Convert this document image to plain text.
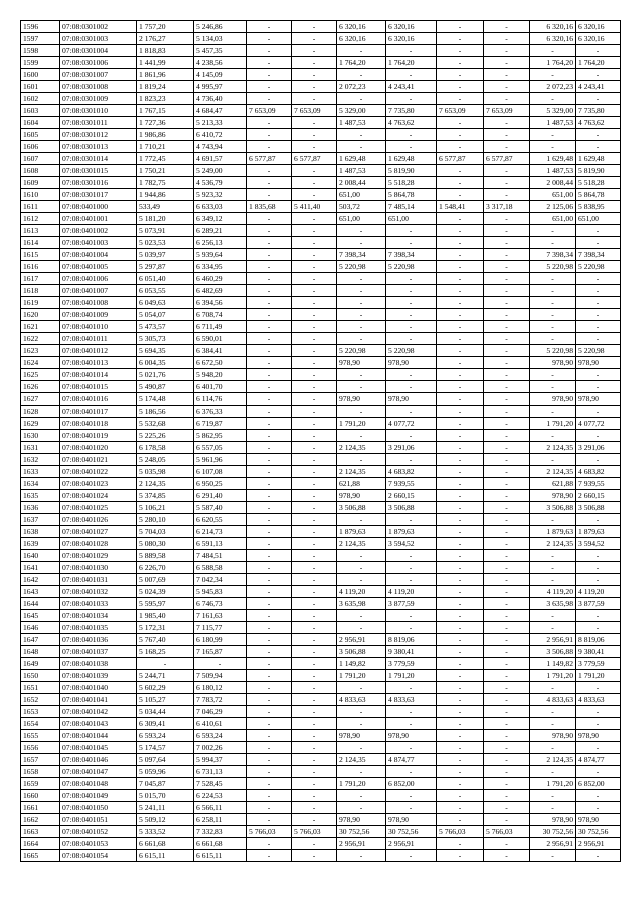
1596	07:08:0301002	1 757,20	5 246,86	-	-	6 320,16	6 320,16	-	-	6 320,16	6 320,16
1597	07:08:0301003	2 176,27	5 134,03	-	-	6 320,16	6 320,16	-	-	6 320,16	6 320,16
1598	07:08:0301004	1 818,83	5 457,35	-	-	-	-	-	-	-	-
1599	07:08:0301006	1 441,99	4 238,56	-	-	1 764,20	1 764,20	-	-	1 764,20	1 764,20
1600	07:08:0301007	1 861,96	4 145,09	-	-	-	-	-	-	-	-
1601	07:08:0301008	1 819,24	4 995,97	-	-	2 072,23	4 243,41	-	-	2 072,23	4 243,41
1602	07:08:0301009	1 823,23	4 736,40	-	-	-	-	-	-	-	-
1603	07:08:0301010	1 767,15	4 684,47	7 653,09	7 653,09	5 329,00	7 735,80	7 653,09	7 653,09	5 329,00	7 735,80
1604	07:08:0301011	1 727,36	5 213,33	-	-	1 487,53	4 763,62	-	-	1 487,53	4 763,62
1605	07:08:0301012	1 986,86	6 410,72	-	-	-	-	-	-	-	-
1606	07:08:0301013	1 710,21	4 743,94	-	-	-	-	-	-	-	-
1607	07:08:0301014	1 772,45	4 691,57	6 577,87	6 577,87	1 629,48	1 629,48	6 577,87	6 577,87	1 629,48	1 629,48
1608	07:08:0301015	1 750,21	5 249,00	-	-	1 487,53	5 819,90	-	-	1 487,53	5 819,90
1609	07:08:0301016	1 782,75	4 536,79	-	-	2 008,44	5 518,28	-	-	2 008,44	5 518,28
1610	07:08:0301017	1 944,86	5 923,32	-	-	651,00	5 864,78	-	-	651,00	5 864,78
1611	07:08:0401000	533,49	6 633,03	1 835,68	5 411,40	503,72	7 485,14	1 548,41	3 317,18	2 125,06	5 838,95
1612	07:08:0401001	5 181,20	6 349,12	-	-	651,00	651,00	-	-	651,00	651,00
1613	07:08:0401002	5 073,91	6 289,21	-	-	-	-	-	-	-	-
1614	07:08:0401003	5 023,53	6 256,13	-	-	-	-	-	-	-	-
1615	07:08:0401004	5 039,97	5 939,64	-	-	7 398,34	7 398,34	-	-	7 398,34	7 398,34
1616	07:08:0401005	5 297,87	6 334,95	-	-	5 220,98	5 220,98	-	-	5 220,98	5 220,98
1617	07:08:0401006	6 051,40	6 460,29	-	-	-	-	-	-	-	-
1618	07:08:0401007	6 053,55	6 482,69	-	-	-	-	-	-	-	-
1619	07:08:0401008	6 049,63	6 394,56	-	-	-	-	-	-	-	-
1620	07:08:0401009	5 054,07	6 708,74	-	-	-	-	-	-	-	-
1621	07:08:0401010	5 473,57	6 711,49	-	-	-	-	-	-	-	-
1622	07:08:0401011	5 305,73	6 590,01	-	-	-	-	-	-	-	-
1623	07:08:0401012	5 694,35	6 384,41	-	-	5 220,98	5 220,98	-	-	5 220,98	5 220,98
1624	07:08:0401013	6 004,35	6 672,50	-	-	978,90	978,90	-	-	978,90	978,90
1625	07:08:0401014	5 021,76	5 948,20	-	-	-	-	-	-	-	-
1626	07:08:0401015	5 490,87	6 401,70	-	-	-	-	-	-	-	-
1627	07:08:0401016	5 174,48	6 114,76	-	-	978,90	978,90	-	-	978,90	978,90
1628	07:08:0401017	5 186,56	6 376,33	-	-	-	-	-	-	-	-
1629	07:08:0401018	5 532,68	6 719,87	-	-	1 791,20	4 077,72	-	-	1 791,20	4 077,72
1630	07:08:0401019	5 225,26	5 862,95	-	-	-	-	-	-	-	-
1631	07:08:0401020	6 178,58	6 557,05	-	-	2 124,35	3 291,06	-	-	2 124,35	3 291,06
1632	07:08:0401021	5 248,05	5 961,96	-	-	-	-	-	-	-	-
1633	07:08:0401022	5 035,98	6 107,08	-	-	2 124,35	4 683,82	-	-	2 124,35	4 683,82
1634	07:08:0401023	2 124,35	6 950,25	-	-	621,88	7 939,55	-	-	621,88	7 939,55
1635	07:08:0401024	5 374,85	6 291,40	-	-	978,90	2 660,15	-	-	978,90	2 660,15
1636	07:08:0401025	5 106,21	5 587,40	-	-	3 506,88	3 506,88	-	-	3 506,88	3 506,88
1637	07:08:0401026	5 280,10	6 620,55	-	-	-	-	-	-	-	-
1638	07:08:0401027	5 704,03	6 214,73	-	-	1 879,63	1 879,63	-	-	1 879,63	1 879,63
1639	07:08:0401028	5 080,30	6 591,13	-	-	2 124,35	3 594,52	-	-	2 124,35	3 594,52
1640	07:08:0401029	5 889,58	7 484,51	-	-	-	-	-	-	-	-
1641	07:08:0401030	6 226,70	6 588,58	-	-	-	-	-	-	-	-
1642	07:08:0401031	5 007,69	7 042,34	-	-	-	-	-	-	-	-
1643	07:08:0401032	5 024,39	5 945,83	-	-	4 119,20	4 119,20	-	-	4 119,20	4 119,20
1644	07:08:0401033	5 595,97	6 746,73	-	-	3 635,98	3 877,59	-	-	3 635,98	3 877,59
1645	07:08:0401034	1 985,40	7 161,63	-	-	-	-	-	-	-	-
1646	07:08:0401035	5 172,31	7 115,77	-	-	-	-	-	-	-	-
1647	07:08:0401036	5 767,40	6 180,99	-	-	2 956,91	8 819,06	-	-	2 956,91	8 819,06
1648	07:08:0401037	5 168,25	7 165,87	-	-	3 506,88	9 380,41	-	-	3 506,88	9 380,41
1649	07:08:0401038	-	-	-	-	1 149,82	3 779,59	-	-	1 149,82	3 779,59
1650	07:08:0401039	5 244,71	7 509,94	-	-	1 791,20	1 791,20	-	-	1 791,20	1 791,20
1651	07:08:0401040	5 602,29	6 180,12	-	-	-	-	-	-	-	-
1652	07:08:0401041	5 105,27	7 783,72	-	-	4 833,63	4 833,63	-	-	4 833,63	4 833,63
1653	07:08:0401042	5 034,44	7 046,29	-	-	-	-	-	-	-	-
1654	07:08:0401043	6 309,41	6 410,61	-	-	-	-	-	-	-	-
1655	07:08:0401044	6 593,24	6 593,24	-	-	978,90	978,90	-	-	978,90	978,90
1656	07:08:0401045	5 174,57	7 002,26	-	-	-	-	-	-	-	-
1657	07:08:0401046	5 097,64	5 994,37	-	-	2 124,35	4 874,77	-	-	2 124,35	4 874,77
1658	07:08:0401047	5 059,96	6 731,13	-	-	-	-	-	-	-	-
1659	07:08:0401048	7 045,87	7 528,45	-	-	1 791,20	6 852,00	-	-	1 791,20	6 852,00
1660	07:08:0401049	5 015,70	6 224,53	-	-	-	-	-	-	-	-
1661	07:08:0401050	5 241,11	6 566,11	-	-	-	-	-	-	-	-
1662	07:08:0401051	5 509,12	6 258,11	-	-	978,90	978,90	-	-	978,90	978,90
1663	07:08:0401052	5 333,52	7 332,83	5 766,03	5 766,03	30 752,56	30 752,56	5 766,03	5 766,03	30 752,56	30 752,56
1664	07:08:0401053	6 661,68	6 661,68	-	-	2 956,91	2 956,91	-	-	2 956,91	2 956,91
1665	07:08:0401054	6 615,11	6 615,11	-	-	-	-	-	-	-	-
